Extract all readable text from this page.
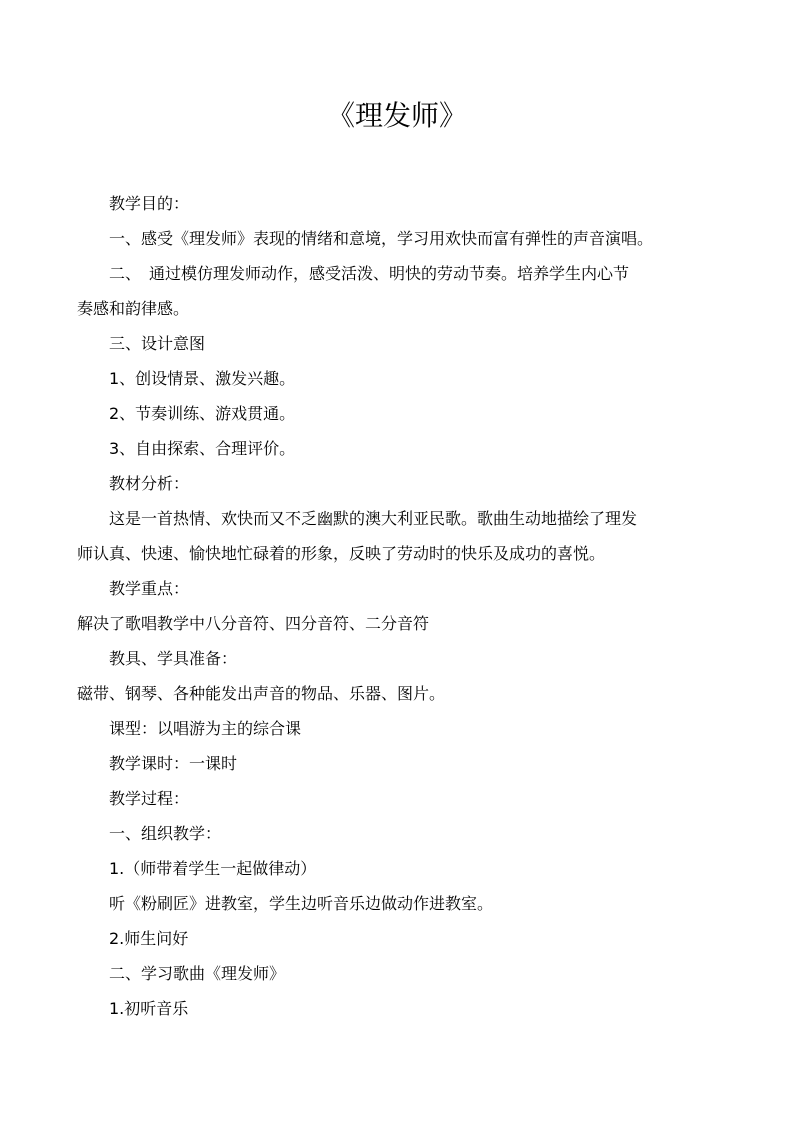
《理发师》

教学目的：

一、感受《理发师》表现的情绪和意境，学习用欢快而富有弹性的声音演唱。

二、　通过模仿理发师动作，感受活泼、明快的劳动节奏。培养学生内心节

奏感和韵律感。

三、设计意图

1、创设情景、激发兴趣。

2、节奏训练、游戏贯通。

3、自由探索、合理评价。

教材分析：

这是一首热情、欢快而又不乏幽默的澳大利亚民歌。歌曲生动地描绘了理发

师认真、快速、愉快地忙碌着的形象，反映了劳动时的快乐及成功的喜悦。

教学重点：

解决了歌唱教学中八分音符、四分音符、二分音符

教具、学具准备：

磁带、钢琴、各种能发出声音的物品、乐器、图片。

课型：以唱游为主的综合课

教学课时：一课时

教学过程：

一、组织教学：

1.（师带着学生一起做律动）

听《粉刷匠》进教室，学生边听音乐边做动作进教室。

2.师生问好

二、学习歌曲《理发师》

1.初听音乐
